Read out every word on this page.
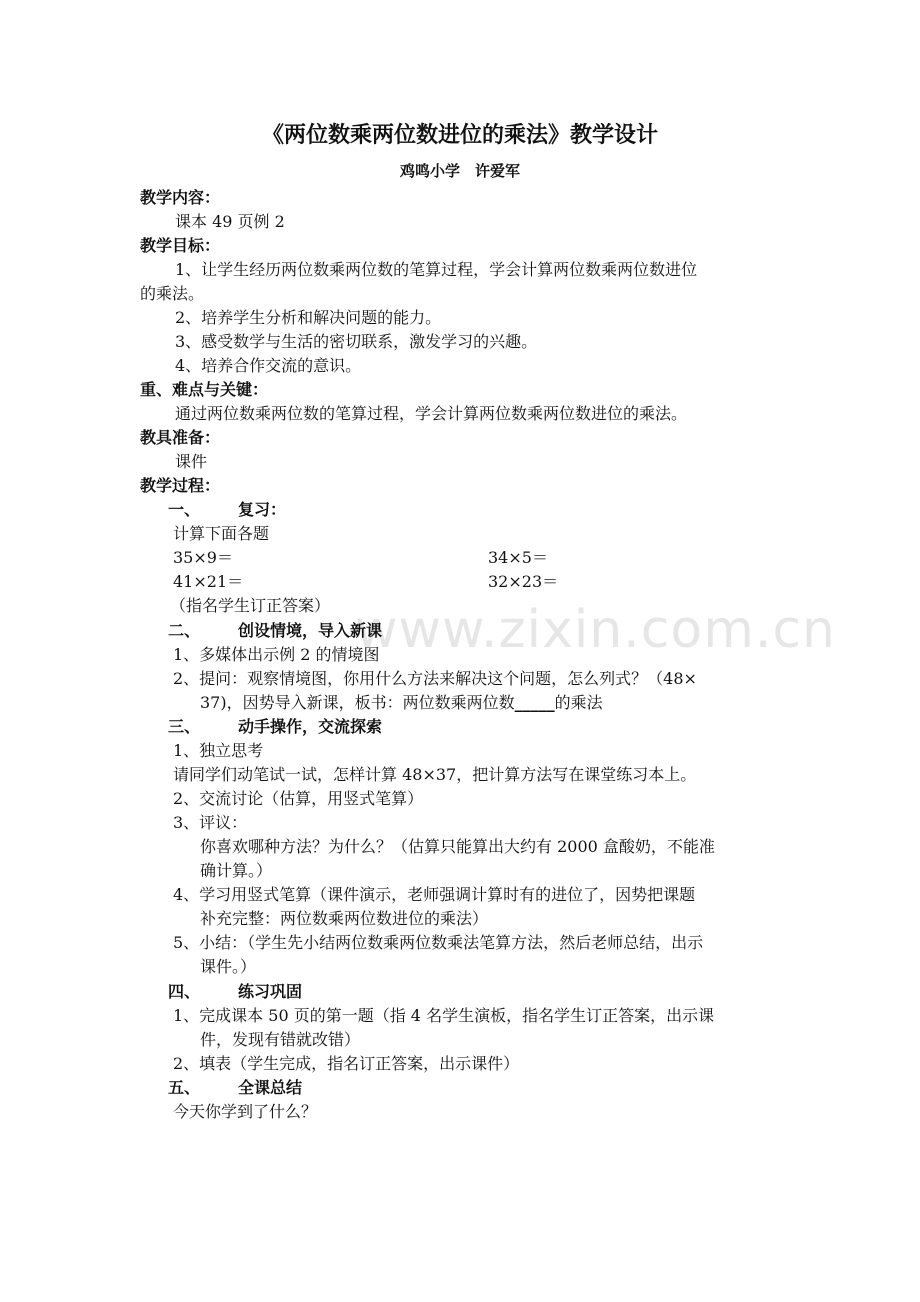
www.zixin.com.cn
《两位数乘两位数进位的乘法》教学设计
鸡鸣小学　许爱军
教学内容：
课本 49 页例 2
教学目标：
1、让学生经历两位数乘两位数的笔算过程，学会计算两位数乘两位数进位
的乘法。
2、培养学生分析和解决问题的能力。
3、感受数学与生活的密切联系，激发学习的兴趣。
4、培养合作交流的意识。
重、难点与关键：
通过两位数乘两位数的笔算过程，学会计算两位数乘两位数进位的乘法。
教具准备：
课件
教学过程：
一、 复习：
计算下面各题
35×9＝	34×5＝
41×21＝	32×23＝
（指名学生订正答案）
二、 创设情境，导入新课
1、多媒体出示例 2 的情境图
2、提问：观察情境图，你用什么方法来解决这个问题，怎么列式？（48×
37)，因势导入新课，板书：两位数乘两位数_____的乘法
三、 动手操作，交流探索
1、独立思考
请同学们动笔试一试，怎样计算 48×37，把计算方法写在课堂练习本上。
2、交流讨论（估算，用竖式笔算）
3、评议：
你喜欢哪种方法？为什么？（估算只能算出大约有 2000 盒酸奶，不能准
确计算。）
4、学习用竖式笔算（课件演示，老师强调计算时有的进位了，因势把课题
补充完整：两位数乘两位数进位的乘法）
5、小结：（学生先小结两位数乘两位数乘法笔算方法，然后老师总结，出示
课件。）
四、 练习巩固
1、完成课本 50 页的第一题（指 4 名学生演板，指名学生订正答案，出示课
件，发现有错就改错）
2、填表（学生完成，指名订正答案，出示课件）
五、 全课总结
今天你学到了什么？
